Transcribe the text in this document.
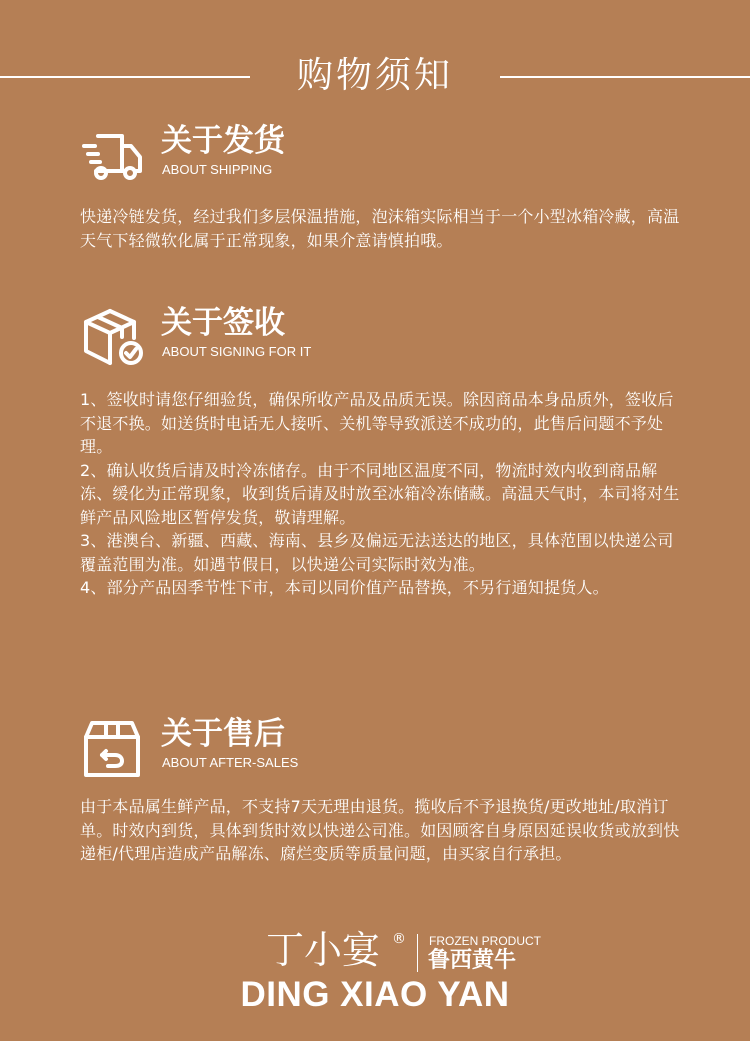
购物须知
关于发货
ABOUT SHIPPING

快递冷链发货，经过我们多层保温措施，泡沫箱实际相当于一个小型冰箱冷藏，高温天气下轻微软化属于正常现象，如果介意请慎拍哦。

关于签收
ABOUT SIGNING FOR IT

1、签收时请您仔细验货，确保所收产品及品质无误。除因商品本身品质外，签收后不退不换。如送货时电话无人接听、关机等导致派送不成功的，此售后问题不予处理。

2、确认收货后请及时冷冻储存。由于不同地区温度不同，物流时效内收到商品解冻、缓化为正常现象，收到货后请及时放至冰箱冷冻储藏。高温天气时，本司将对生鲜产品风险地区暂停发货，敬请理解。

3、港澳台、新疆、西藏、海南、县乡及偏远无法送达的地区，具体范围以快递公司覆盖范围为准。如遇节假日，以快递公司实际时效为准。

4、部分产品因季节性下市，本司以同价值产品替换，不另行通知提货人。

关于售后
ABOUT AFTER-SALES

由于本品属生鲜产品，不支持7天无理由退货。揽收后不予退换货/更改地址/取消订单。时效内到货，具体到货时效以快递公司准。如因顾客自身原因延误收货或放到快递柜/代理店造成产品解冻、腐烂变质等质量问题，由买家自行承担。

丁小宴 ® FROZEN PRODUCT
鲁西黄牛
DING XIAO YAN
